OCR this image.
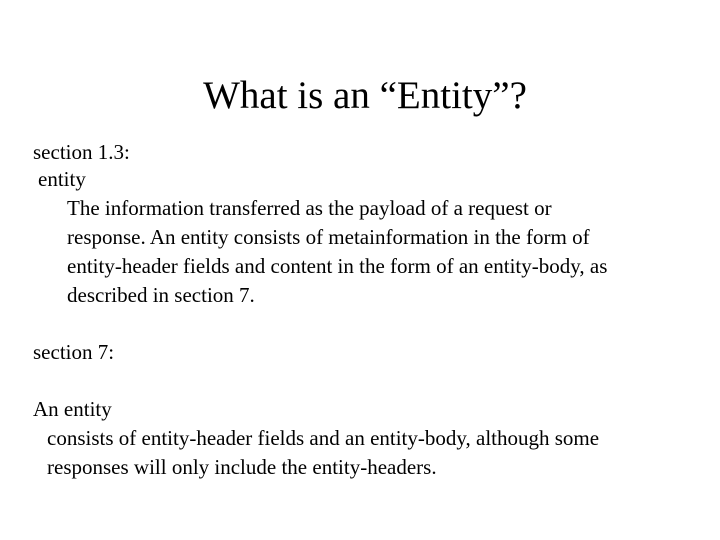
What is an “Entity”?
section 1.3:
entity
The information transferred as the payload of a request or
response. An entity consists of metainformation in the form of
entity-header fields and content in the form of an entity-body, as
described in section 7.
section 7:
An entity
consists of entity-header fields and an entity-body, although some
responses will only include the entity-headers.
